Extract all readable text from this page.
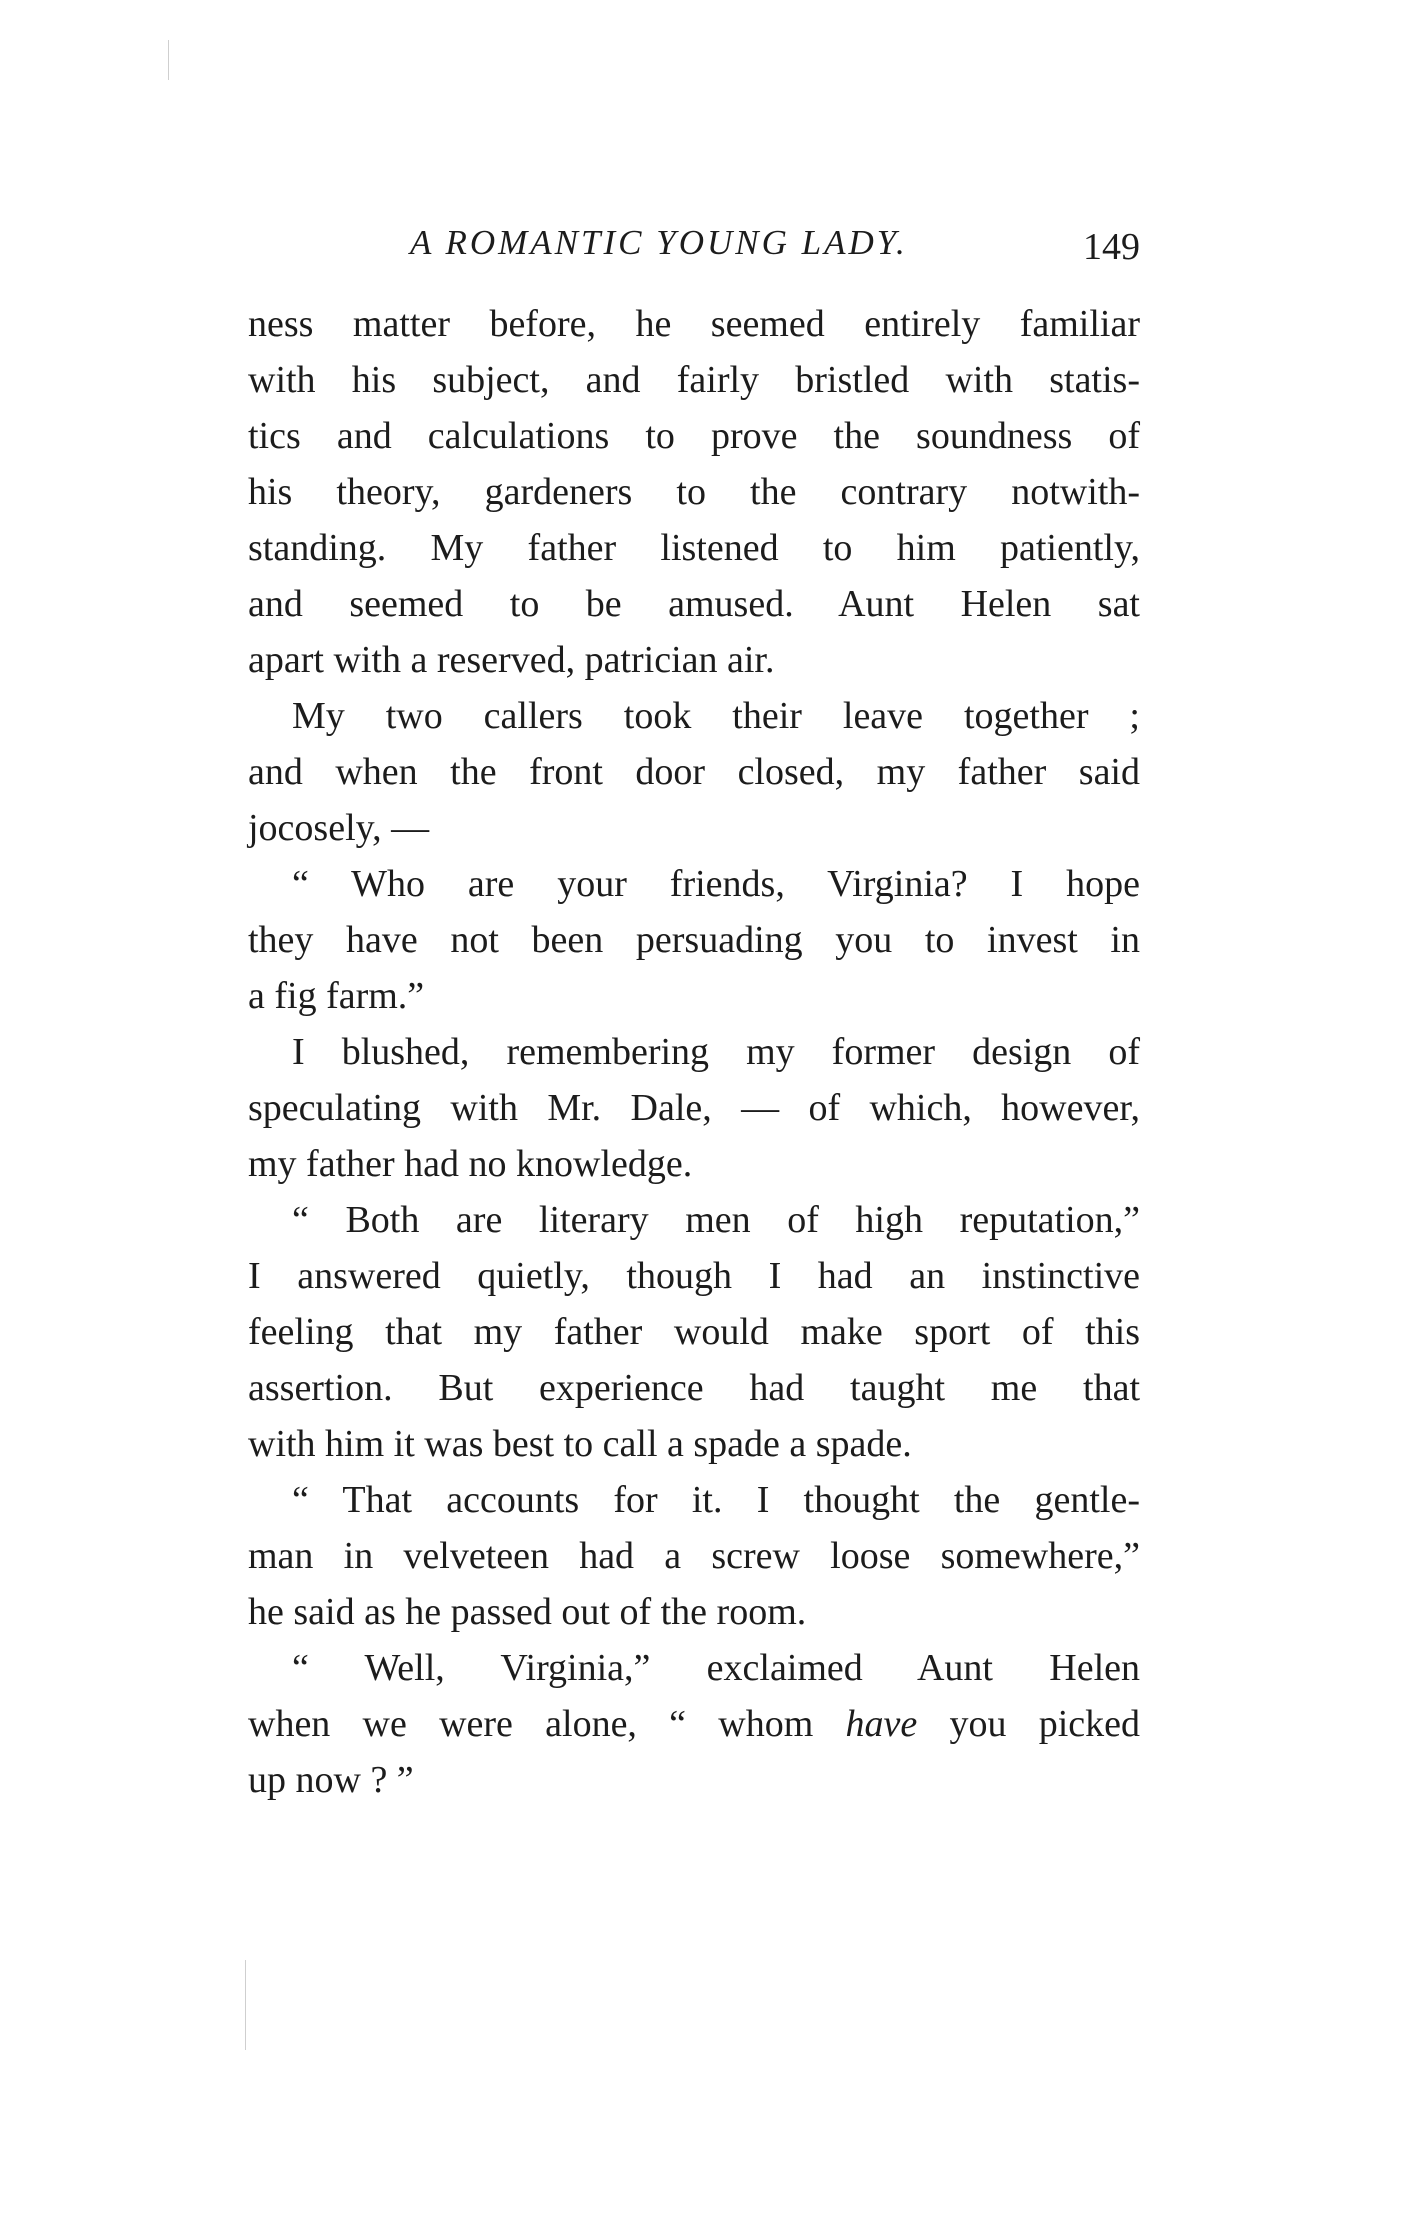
A ROMANTIC YOUNG LADY.	149
ness matter before, he seemed entirely familiar
with his subject, and fairly bristled with statis-
tics and calculations to prove the soundness of
his theory, gardeners to the contrary notwith-
standing. My father listened to him patiently,
and seemed to be amused. Aunt Helen sat
apart with a reserved, patrician air.
My two callers took their leave together ;
and when the front door closed, my father said
jocosely, —
“ Who are your friends, Virginia? I hope
they have not been persuading you to invest in
a fig farm.”
I blushed, remembering my former design of
speculating with Mr. Dale, — of which, however,
my father had no knowledge.
“ Both are literary men of high reputation,”
I answered quietly, though I had an instinctive
feeling that my father would make sport of this
assertion. But experience had taught me that
with him it was best to call a spade a spade.
“ That accounts for it. I thought the gentle-
man in velveteen had a screw loose somewhere,”
he said as he passed out of the room.
“ Well, Virginia,” exclaimed Aunt Helen
when we were alone, “ whom have you picked
up now ? ”
